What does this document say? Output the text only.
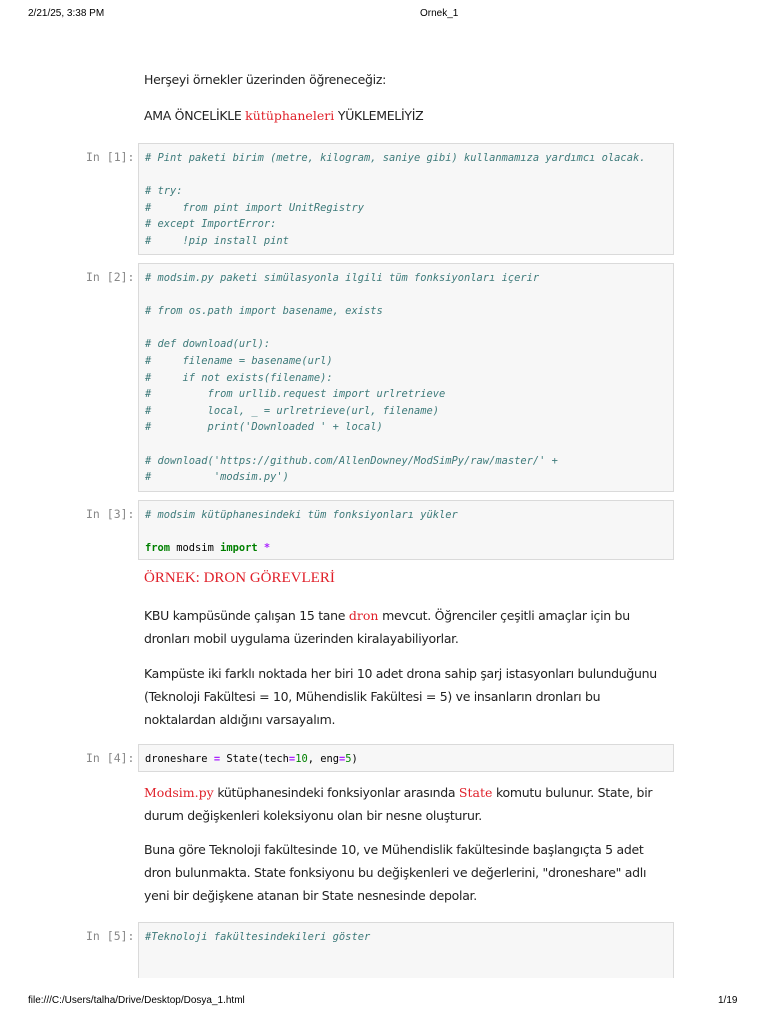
2/21/25, 3:38 PM	Ornek_1
Herşeyi örnekler üzerinden öğreneceğiz:
AMA ÖNCELİKLE kütüphaneleri YÜKLEMELİYİZ
In [1]:	# Pint paketi birim (metre, kilogram, saniye gibi) kullanmamıza yardımcı olacak.

# try:
#     from pint import UnitRegistry
# except ImportError:
#     !pip install pint
In [2]:	# modsim.py paketi simülasyonla ilgili tüm fonksiyonları içerir

# from os.path import basename, exists

# def download(url):
#     filename = basename(url)
#     if not exists(filename):
#         from urllib.request import urlretrieve
#         local, _ = urlretrieve(url, filename)
#         print('Downloaded ' + local)

# download('https://github.com/AllenDowney/ModSimPy/raw/master/' +
#          'modsim.py')
In [3]:	# modsim kütüphanesindeki tüm fonksiyonları yükler

from modsim import *
ÖRNEK: DRON GÖREVLERİ
KBU kampüsünde çalışan 15 tane dron mevcut. Öğrenciler çeşitli amaçlar için bu dronları mobil uygulama üzerinden kiralayabiliyorlar.
Kampüste iki farklı noktada her biri 10 adet drona sahip şarj istasyonları bulunduğunu (Teknoloji Fakültesi = 10, Mühendislik Fakültesi = 5) ve insanların dronları bu noktalardan aldığını varsayalım.
In [4]:	droneshare = State(tech=10, eng=5)
Modsim.py kütüphanesindeki fonksiyonlar arasında State komutu bulunur. State, bir durum değişkenleri koleksiyonu olan bir nesne oluşturur.
Buna göre Teknoloji fakültesinde 10, ve Mühendislik fakültesinde başlangıçta 5 adet dron bulunmakta. State fonksiyonu bu değişkenleri ve değerlerini, "droneshare" adlı yeni bir değişkene atanan bir State nesnesinde depolar.
In [5]:	#Teknoloji fakültesindekileri göster
file:///C:/Users/talha/Drive/Desktop/Dosya_1.html	1/19
